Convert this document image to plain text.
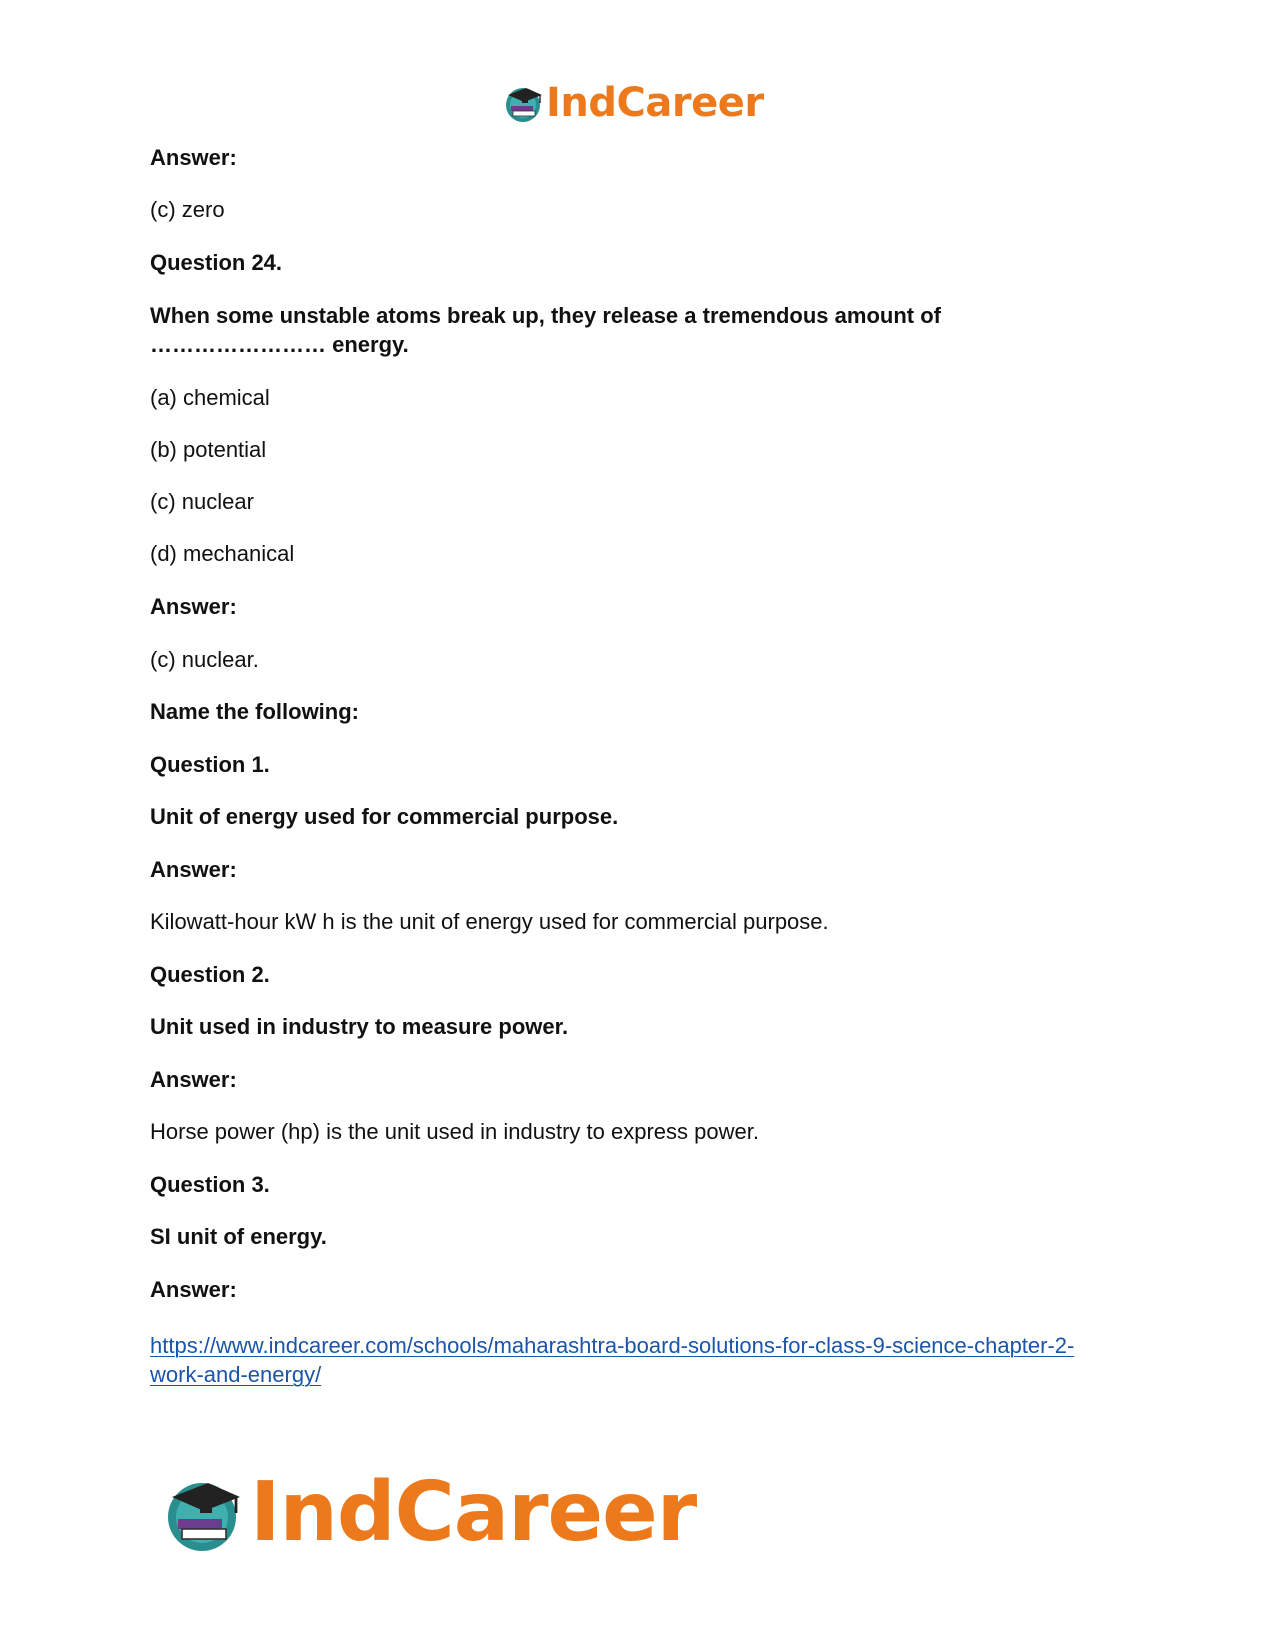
IndCareer
Answer:
(c) zero
Question 24.
When some unstable atoms break up, they release a tremendous amount of
…………………… energy.
(a) chemical
(b) potential
(c) nuclear
(d) mechanical
Answer:
(c) nuclear.
Name the following:
Question 1.
Unit of energy used for commercial purpose.
Answer:
Kilowatt-hour kW h is the unit of energy used for commercial purpose.
Question 2.
Unit used in industry to measure power.
Answer:
Horse power (hp) is the unit used in industry to express power.
Question 3.
SI unit of energy.
Answer:
https://www.indcareer.com/schools/maharashtra-board-solutions-for-class-9-science-chapter-2-
work-and-energy/
IndCareer
